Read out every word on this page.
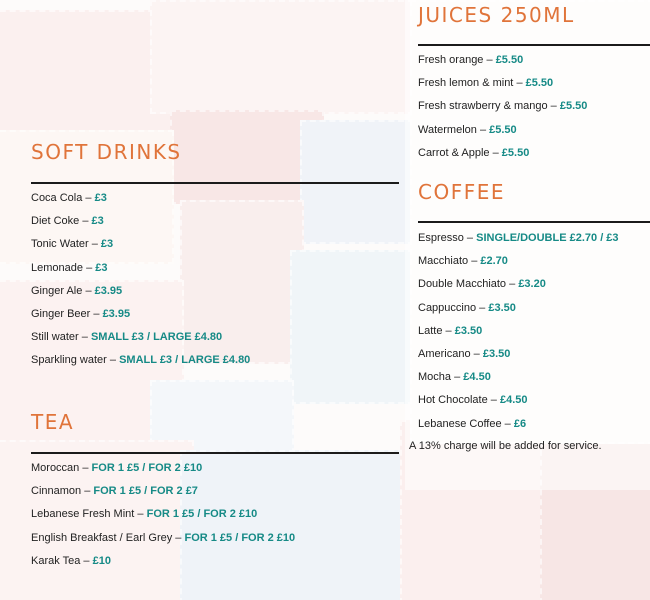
SOFT DRINKS
Coca Cola – £3
Diet Coke – £3
Tonic Water – £3
Lemonade – £3
Ginger Ale – £3.95
Ginger Beer – £3.95
Still water – SMALL £3 / LARGE £4.80
Sparkling water – SMALL £3 / LARGE £4.80
TEA
Moroccan – FOR 1 £5 / FOR 2 £10
Cinnamon – FOR 1 £5 / FOR 2 £7
Lebanese Fresh Mint – FOR 1 £5 / FOR 2 £10
English Breakfast / Earl Grey – FOR 1 £5 / FOR 2 £10
Karak Tea – £10
JUICES 250ML
Fresh orange – £5.50
Fresh lemon & mint – £5.50
Fresh strawberry & mango – £5.50
Watermelon – £5.50
Carrot & Apple – £5.50
COFFEE
Espresso – SINGLE/DOUBLE £2.70 / £3
Macchiato – £2.70
Double Macchiato – £3.20
Cappuccino – £3.50
Latte – £3.50
Americano – £3.50
Mocha – £4.50
Hot Chocolate – £4.50
Lebanese Coffee – £6

A 13% charge will be added for service.
